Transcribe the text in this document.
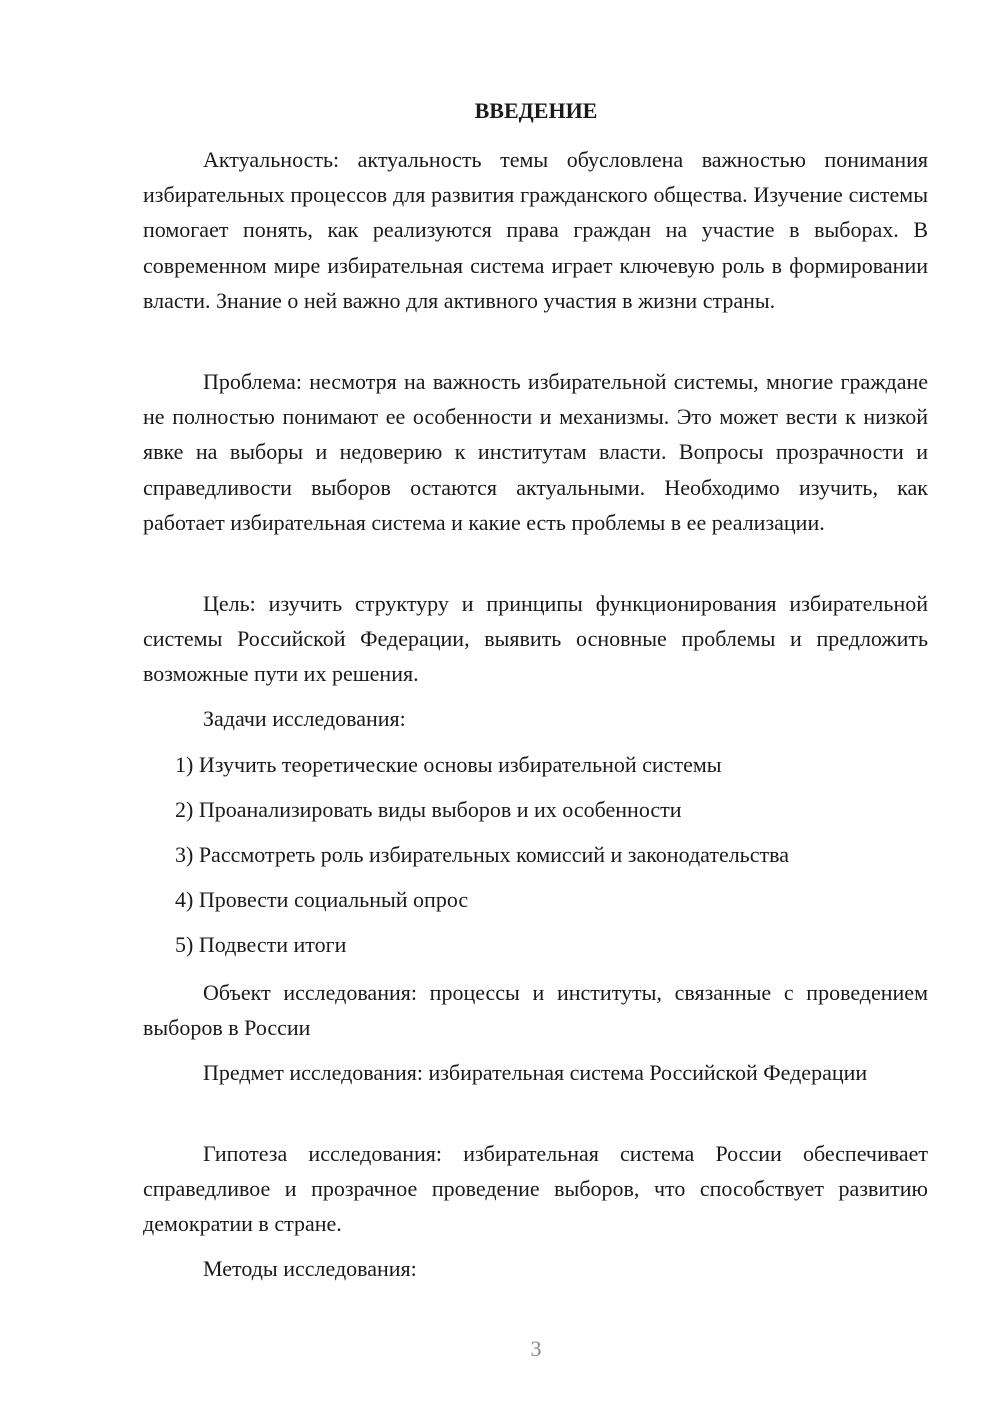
ВВЕДЕНИЕ
Актуальность: актуальность темы обусловлена важностью понимания избирательных процессов для развития гражданского общества. Изучение системы помогает понять, как реализуются права граждан на участие в выборах. В современном мире избирательная система играет ключевую роль в формировании власти. Знание о ней важно для активного участия в жизни страны.
Проблема: несмотря на важность избирательной системы, многие граждане не полностью понимают ее особенности и механизмы. Это может вести к низкой явке на выборы и недоверию к институтам власти. Вопросы прозрачности и справедливости выборов остаются актуальными. Необходимо изучить, как работает избирательная система и какие есть проблемы в ее реализации.
Цель: изучить структуру и принципы функционирования избирательной системы Российской Федерации, выявить основные проблемы и предложить возможные пути их решения.
Задачи исследования:
1) Изучить теоретические основы избирательной системы
2) Проанализировать виды выборов и их особенности
3) Рассмотреть роль избирательных комиссий и законодательства
4) Провести социальный опрос
5) Подвести итоги
Объект исследования: процессы и институты, связанные с проведением выборов в России
Предмет исследования: избирательная система Российской Федерации
Гипотеза исследования: избирательная система России обеспечивает справедливое и прозрачное проведение выборов, что способствует развитию демократии в стране.
Методы исследования:
3
